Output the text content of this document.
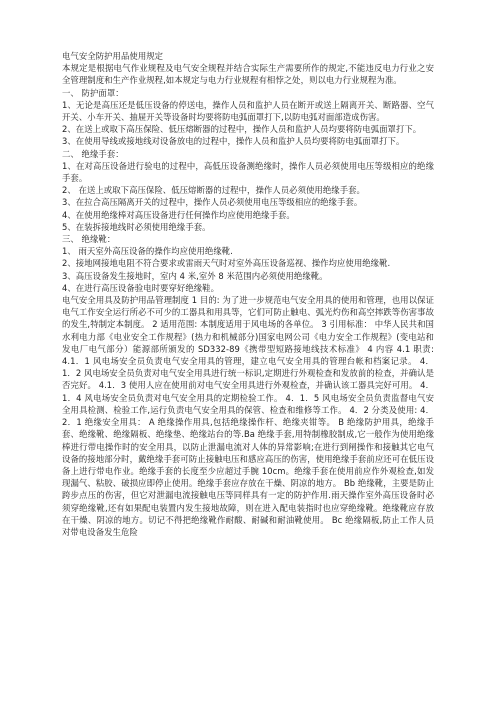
电气安全防护用品使用规定

本规定是根据电气作业规程及电气安全规程并结合实际生产需要所作的规定,不能违反电力行业之安全管理制度和生产作业规程,如本规定与电力行业规程有相悖之处，则以电力行业规程为准。

一、 防护面罩：

1、无论是高压还是低压设备的停送电，操作人员和监护人员在断开或送上隔离开关、断路器、空气开关、小车开关、抽屉开关等设备时均要将防电弧面罩打下,以防电弧对面部造成伤害。

2、在送上或取下高压保险、低压熔断器的过程中，操作人员和监护人员均要将防电弧面罩打下。

3、在使用导线或接地线对设备放电的过程中，操作人员和监护人员均要将防电弧面罩打下。

二、 绝缘手套：

1、在对高压设备进行验电的过程中，高低压设备测绝缘时，操作人员必须使用电压等级相应的绝缘手套。

2、 在送上或取下高压保险、低压熔断器的过程中，操作人员必须使用绝缘手套。

3、在拉合高压隔离开关的过程中，操作人员必须使用电压等级相应的绝缘手套。

4、在使用绝缘棒对高压设备进行任何操作均应使用绝缘手套。

5、在装拆接地线时必须使用绝缘手套。

三、 绝缘靴：

1、 雨天室外高压设备的操作均应使用绝缘靴.

2、接地网接地电阻不符合要求或雷雨天气时对室外高压设备巡视、操作均应使用绝缘靴.

3、高压设备发生接地时，室内 4 米,室外 8 米范围内必须使用绝缘靴。

4、在进行高压设备验电时要穿好绝缘鞋。

电气安全用具及防护用品管理制度 1 目的: 为了进一步规范电气安全用具的使用和管理，也用以保证电气工作安全运行所必不可少的工器具和用具等，它们可防止触电、弧光灼伤和高空摔跌等伤害事故的发生,特制定本制度。 2 适用范围: 本制度适用于风电场的各单位。 3 引用标准： 中华人民共和国水利电力部《电业安全工作规程》(热力和机械部分)国家电网公司《电力安全工作规程》(变电站和发电厂电气部分）能源部所颁发的 SD332-89《携带型短路接地线技术标准》 4 内容 4.1 职责: 4.1．1 风电场安全员负责电气安全用具的管理，建立电气安全用具的管理台帐和档案记录。 4．1．2 风电场安全员负责对电气安全用具进行统一标识,定期进行外观检查和发放前的检查，并确认是否完好。 4.1．3 使用人应在使用前对电气安全用具进行外观检查，并确认该工器具完好可用。 4．1．4 风电场安全员负责对电气安全用具的定期检验工作。 4．1．5 风电场安全员负责监督电气安全用具检测、检验工作,运行负责电气安全用具的保管、检查和维修等工作。 4．2 分类及使用: 4．2．1 绝缘安全用具： A 绝缘操作用具,包括绝缘操作杆、绝缘夹钳等。 B 绝缘防护用具，绝缘手套、绝缘靴、绝缘隔板、绝缘垫、绝缘站台的等.Ba 绝缘手套,用特制橡胶制成,它一般作为使用绝缘棒进行带电操作时的安全用具，以防止泄漏电流对人体的异常影响;在进行到闸操作和接触其它电气设备的接地部分时，戴绝缘手套可防止接触电压和感应高压的伤害，使用绝缘手套前应还可在低压设备上进行带电作业。绝缘手套的长度至少应超过手腕 10cm。绝缘手套在使用前应作外观检查,如发现漏气、粘胶、破损应即停止使用。绝缘手套应存放在干燥、阴凉的地方。 Bb 绝缘靴，主要是防止跨步点压的伤害，但它对泄漏电流接触电压等同样具有一定的防护作用.雨天操作室外高压设备时必须穿绝缘靴,还有如果配电装置内发生接地故障，则在进入配电装指时也应穿绝缘靴。绝缘靴应存放在干燥、阴凉的地方。切记不得把绝缘靴作耐酸、耐碱和耐油靴使用。 Bc 绝缘隔板,防止工作人员对带电设备发生危险
